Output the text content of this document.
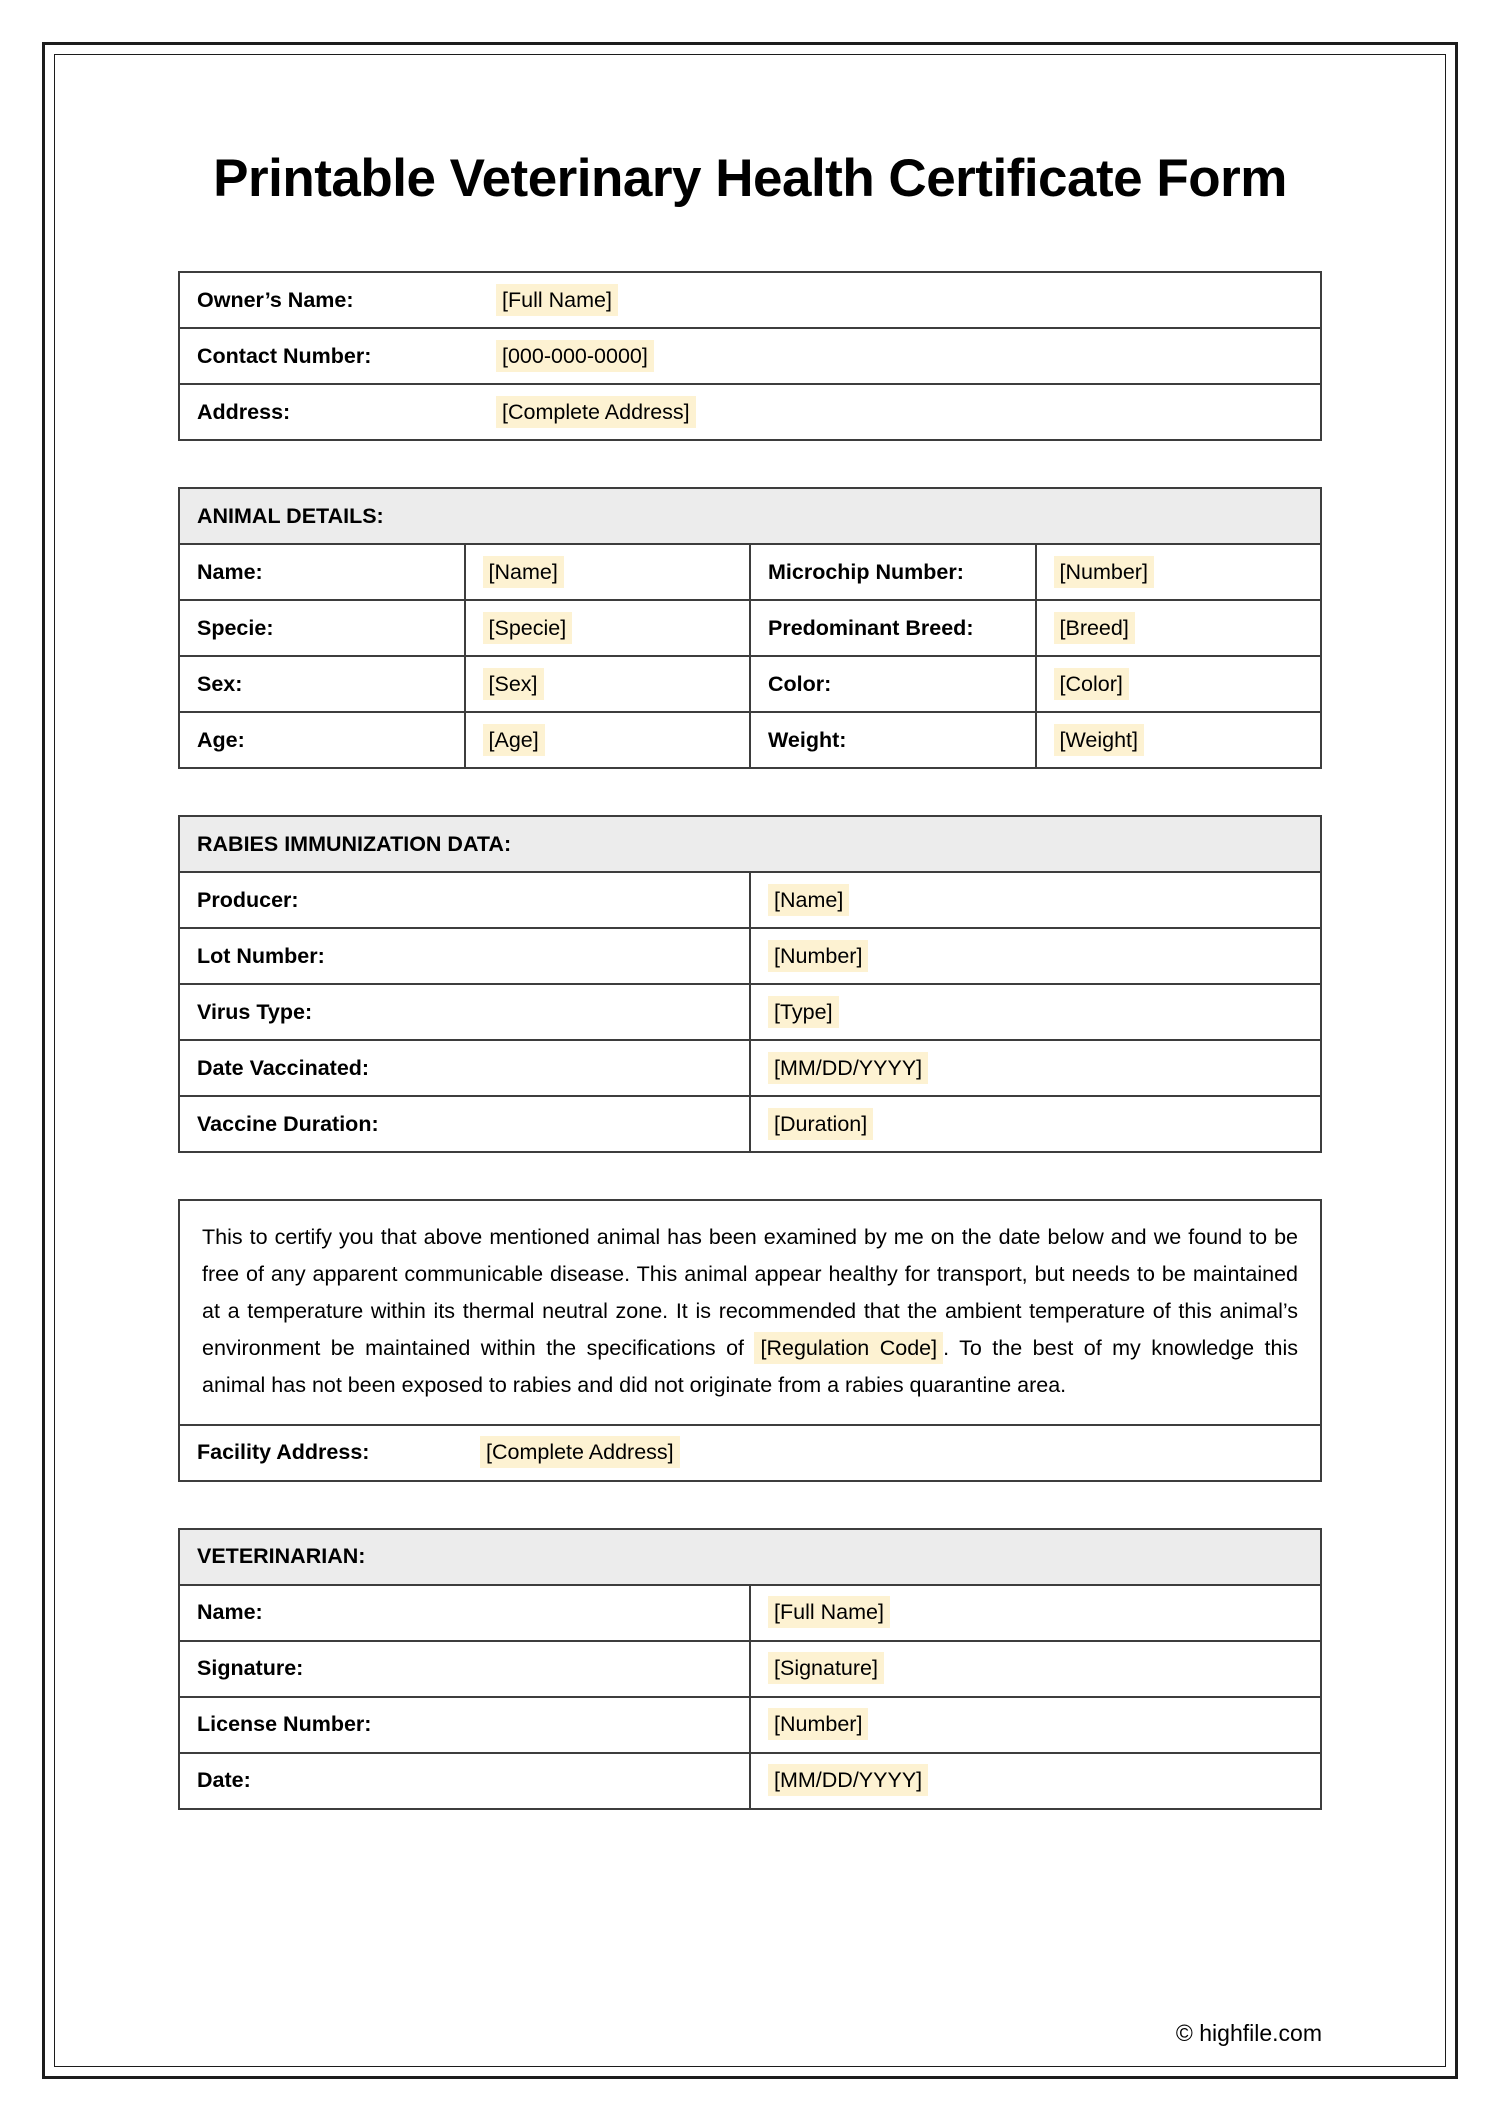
Printable Veterinary Health Certificate Form
Owner’s Name:	[Full Name]
Contact Number:	[000-000-0000]
Address:	[Complete Address]
ANIMAL DETAILS:			
Name:	[Name]	Microchip Number:	[Number]
Specie:	[Specie]	Predominant Breed:	[Breed]
Sex:	[Sex]	Color:	[Color]
Age:	[Age]	Weight:	[Weight]
RABIES IMMUNIZATION DATA:	
Producer:	[Name]
Lot Number:	[Number]
Virus Type:	[Type]
Date Vaccinated:	[MM/DD/YYYY]
Vaccine Duration:	[Duration]

This to certify you that above mentioned animal has been examined by me on the date below and we found to be free of any apparent communicable disease. This animal appear healthy for transport, but needs to be maintained at a temperature within its thermal neutral zone. It is recommended that the ambient temperature of this animal’s environment be maintained within the specifications of [Regulation Code] . To the best of my knowledge this animal has not been exposed to rabies and did not originate from a rabies quarantine area.

Facility Address:	[Complete Address]
VETERINARIAN:	
Name:	[Full Name]
Signature:	[Signature]
License Number:	[Number]
Date:	[MM/DD/YYYY]
© highfile.com
